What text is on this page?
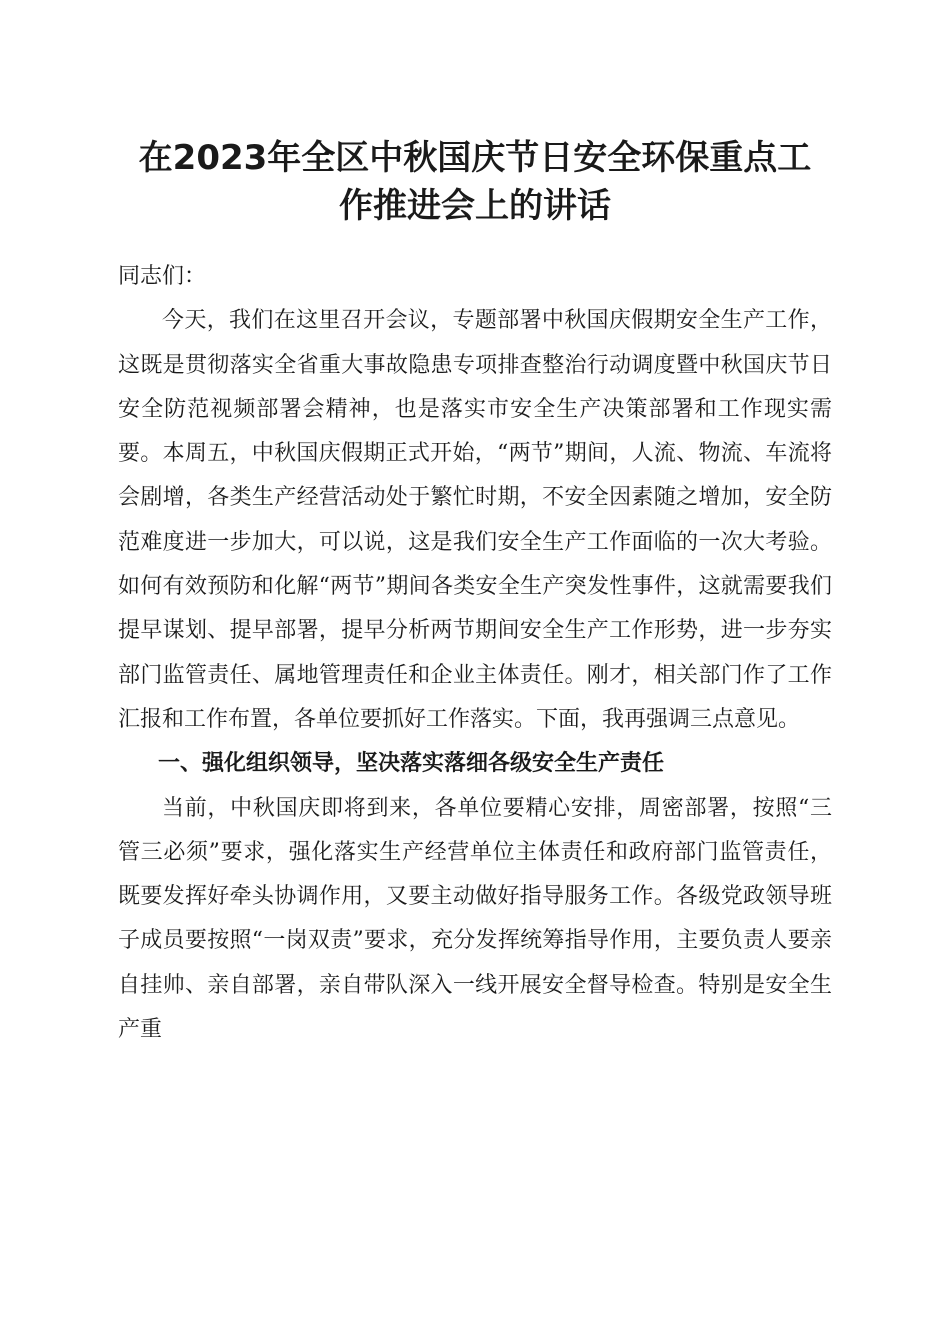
在2023年全区中秋国庆节日安全环保重点工
作推进会上的讲话

同志们：

今天，我们在这里召开会议，专题部署中秋国庆假期安全生产工作，这既是贯彻落实全省重大事故隐患专项排查整治行动调度暨中秋国庆节日安全防范视频部署会精神，也是落实市安全生产决策部署和工作现实需要。本周五，中秋国庆假期正式开始，“两节”期间，人流、物流、车流将会剧增，各类生产经营活动处于繁忙时期，不安全因素随之增加，安全防范难度进一步加大，可以说，这是我们安全生产工作面临的一次大考验。如何有效预防和化解“两节”期间各类安全生产突发性事件，这就需要我们提早谋划、提早部署，提早分析两节期间安全生产工作形势，进一步夯实部门监管责任、属地管理责任和企业主体责任。刚才，相关部门作了工作汇报和工作布置，各单位要抓好工作落实。下面，我再强调三点意见。

一、强化组织领导，坚决落实落细各级安全生产责任

当前，中秋国庆即将到来，各单位要精心安排，周密部署，按照“三管三必须”要求，强化落实生产经营单位主体责任和政府部门监管责任，既要发挥好牵头协调作用，又要主动做好指导服务工作。各级党政领导班子成员要按照“一岗双责”要求，充分发挥统筹指导作用，主要负责人要亲自挂帅、亲自部署，亲自带队深入一线开展安全督导检查。特别是安全生产重
